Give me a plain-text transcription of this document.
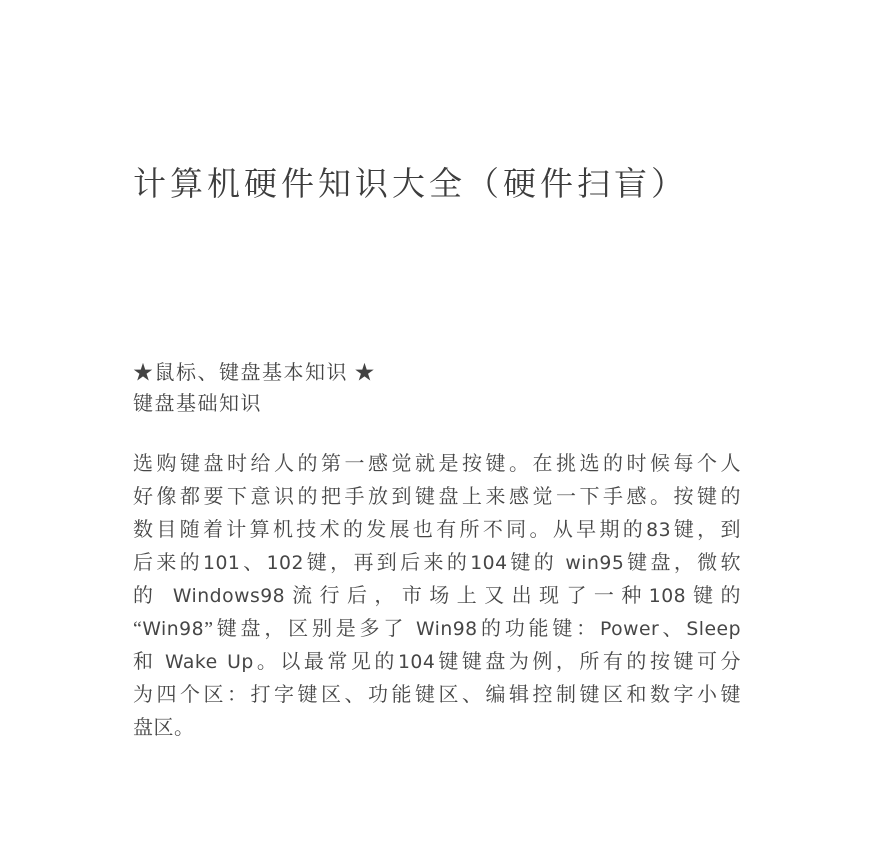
计算机硬件知识大全（硬件扫盲）
★鼠标、键盘基本知识 ★
键盘基础知识
选购键盘时给人的第一感觉就是按键。在挑选的时候每个人
好像都要下意识的把手放到键盘上来感觉一下手感。按键的
数目随着计算机技术的发展也有所不同。从早期的83键，到
后来的101、102键，再到后来的104键的 win95键盘，微软
的 Windows98流行后，市场上又出现了一种108键的
“Win98”键盘，区别是多了 Win98的功能键：Power、Sleep
和 Wake Up。以最常见的104键键盘为例，所有的按键可分
为四个区：打字键区、功能键区、编辑控制键区和数字小键
盘区。
